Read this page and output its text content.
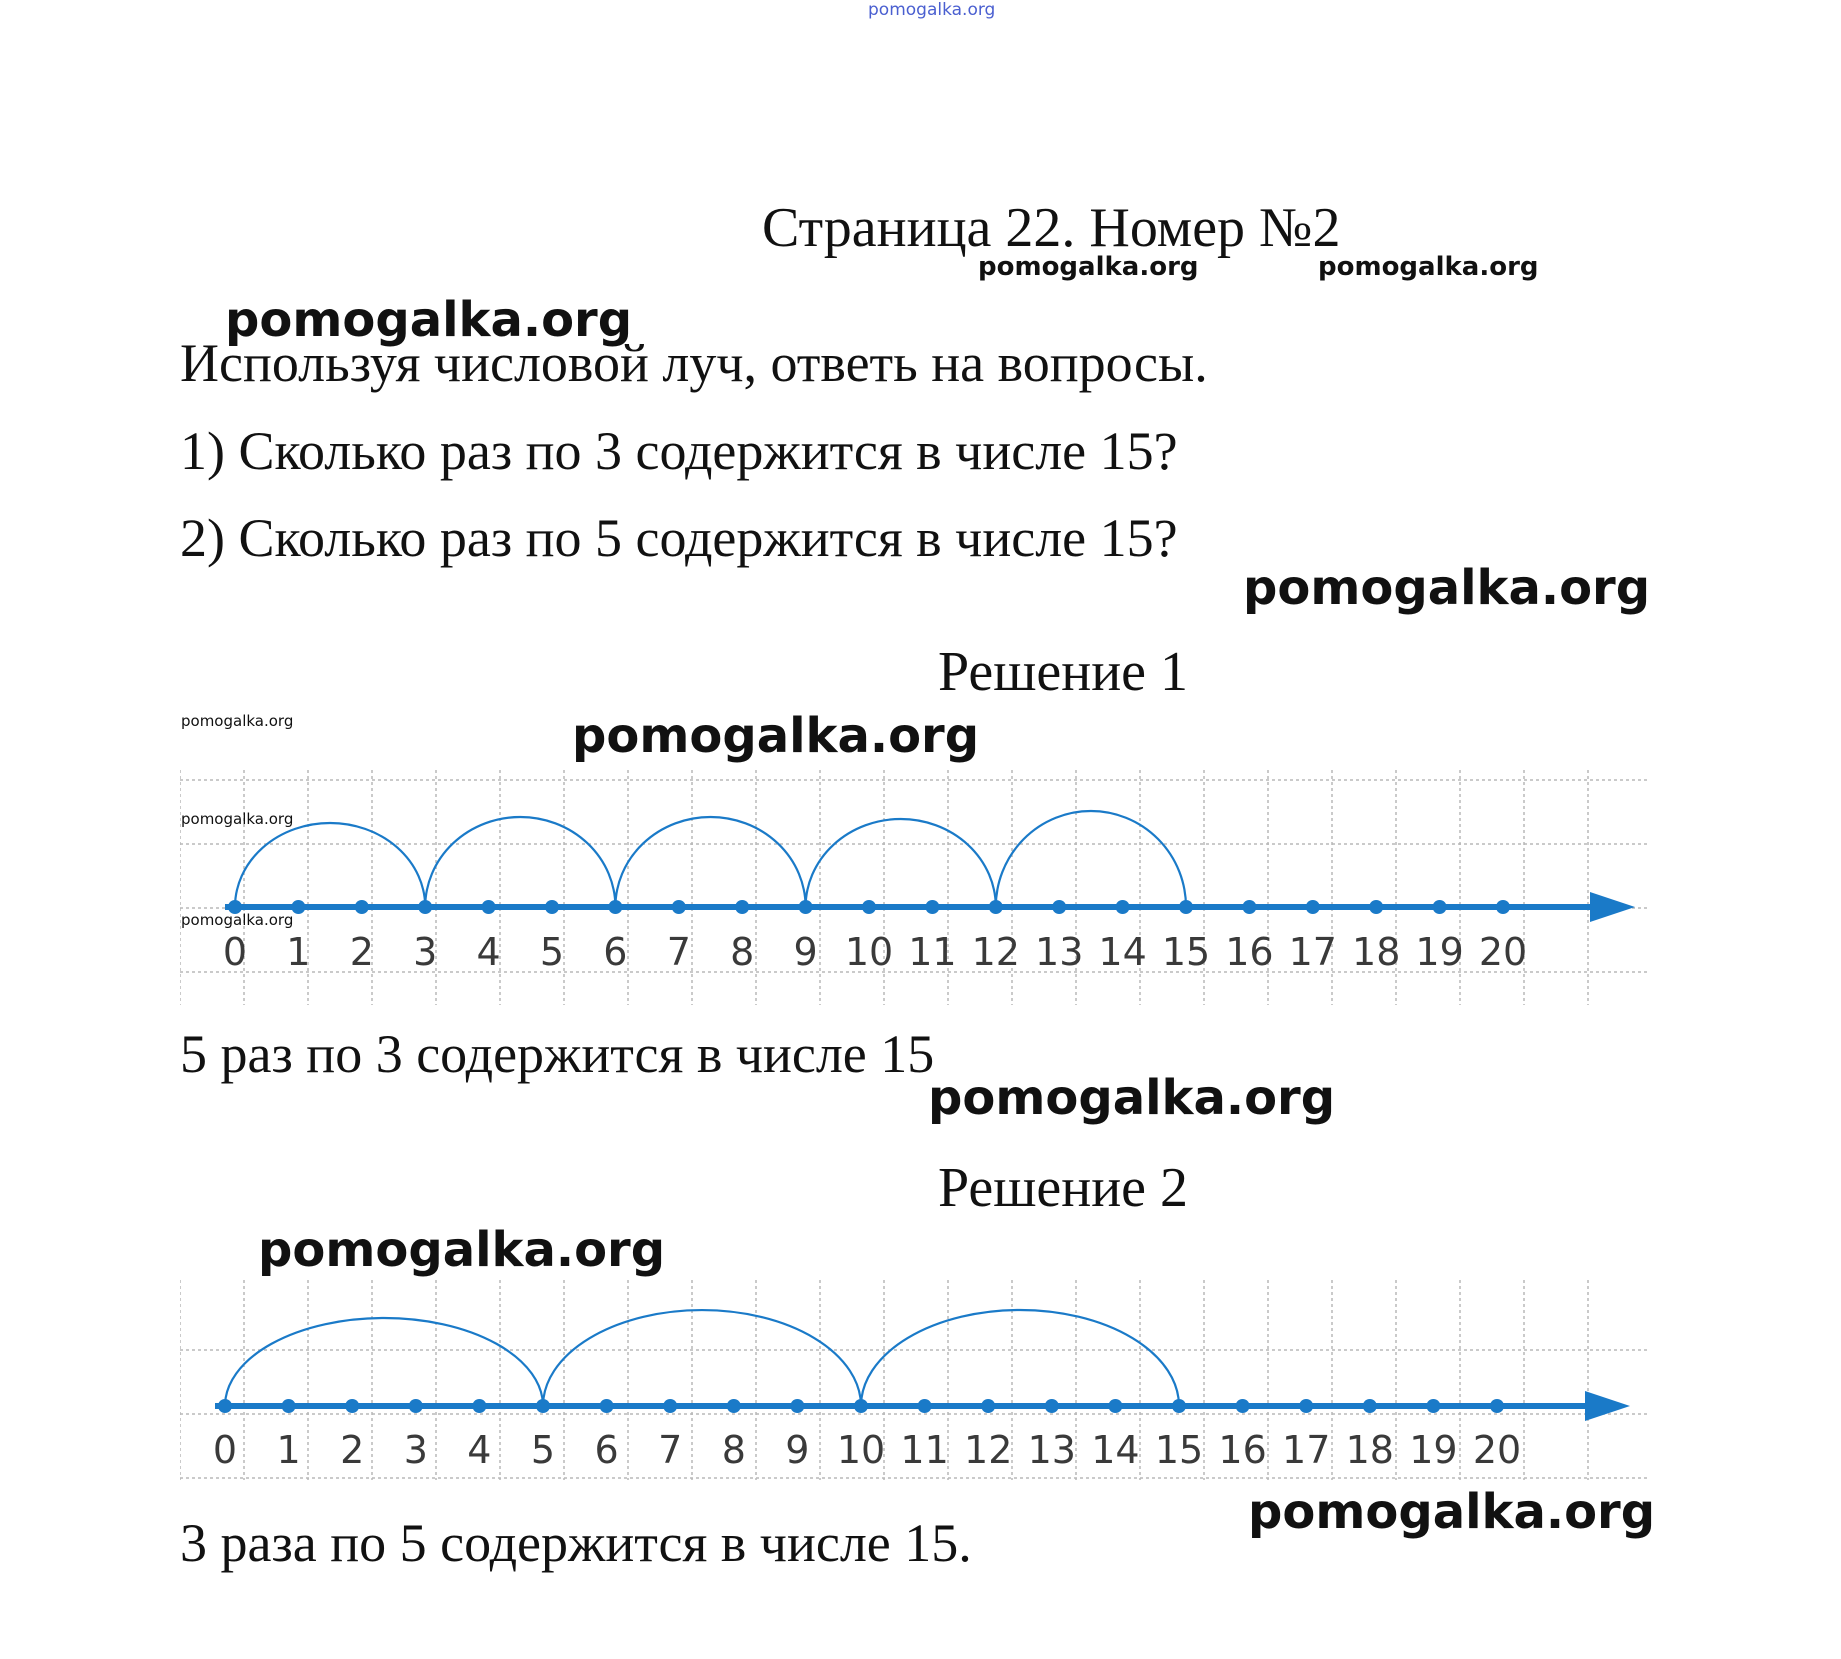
pomogalka.org
Страница 22. Номер №2
pomogalka.org	pomogalka.org
pomogalka.org
Используя числовой луч, ответь на вопросы.
1) Сколько раз по 3 содержится в числе 15?
2) Сколько раз по 5 содержится в числе 15?
pomogalka.org
Решение 1
pomogalka.org	pomogalka.org
0 1 2 3 4 5 6 7 8 9 10 11 12 13 14 15 16 17 18 19 20
pomogalka.org
pomogalka.org
5 раз по 3 содержится в числе 15
pomogalka.org
Решение 2
pomogalka.org
0 1 2 3 4 5 6 7 8 9 10 11 12 13 14 15 16 17 18 19 20
pomogalka.org
3 раза по 5 содержится в числе 15.
